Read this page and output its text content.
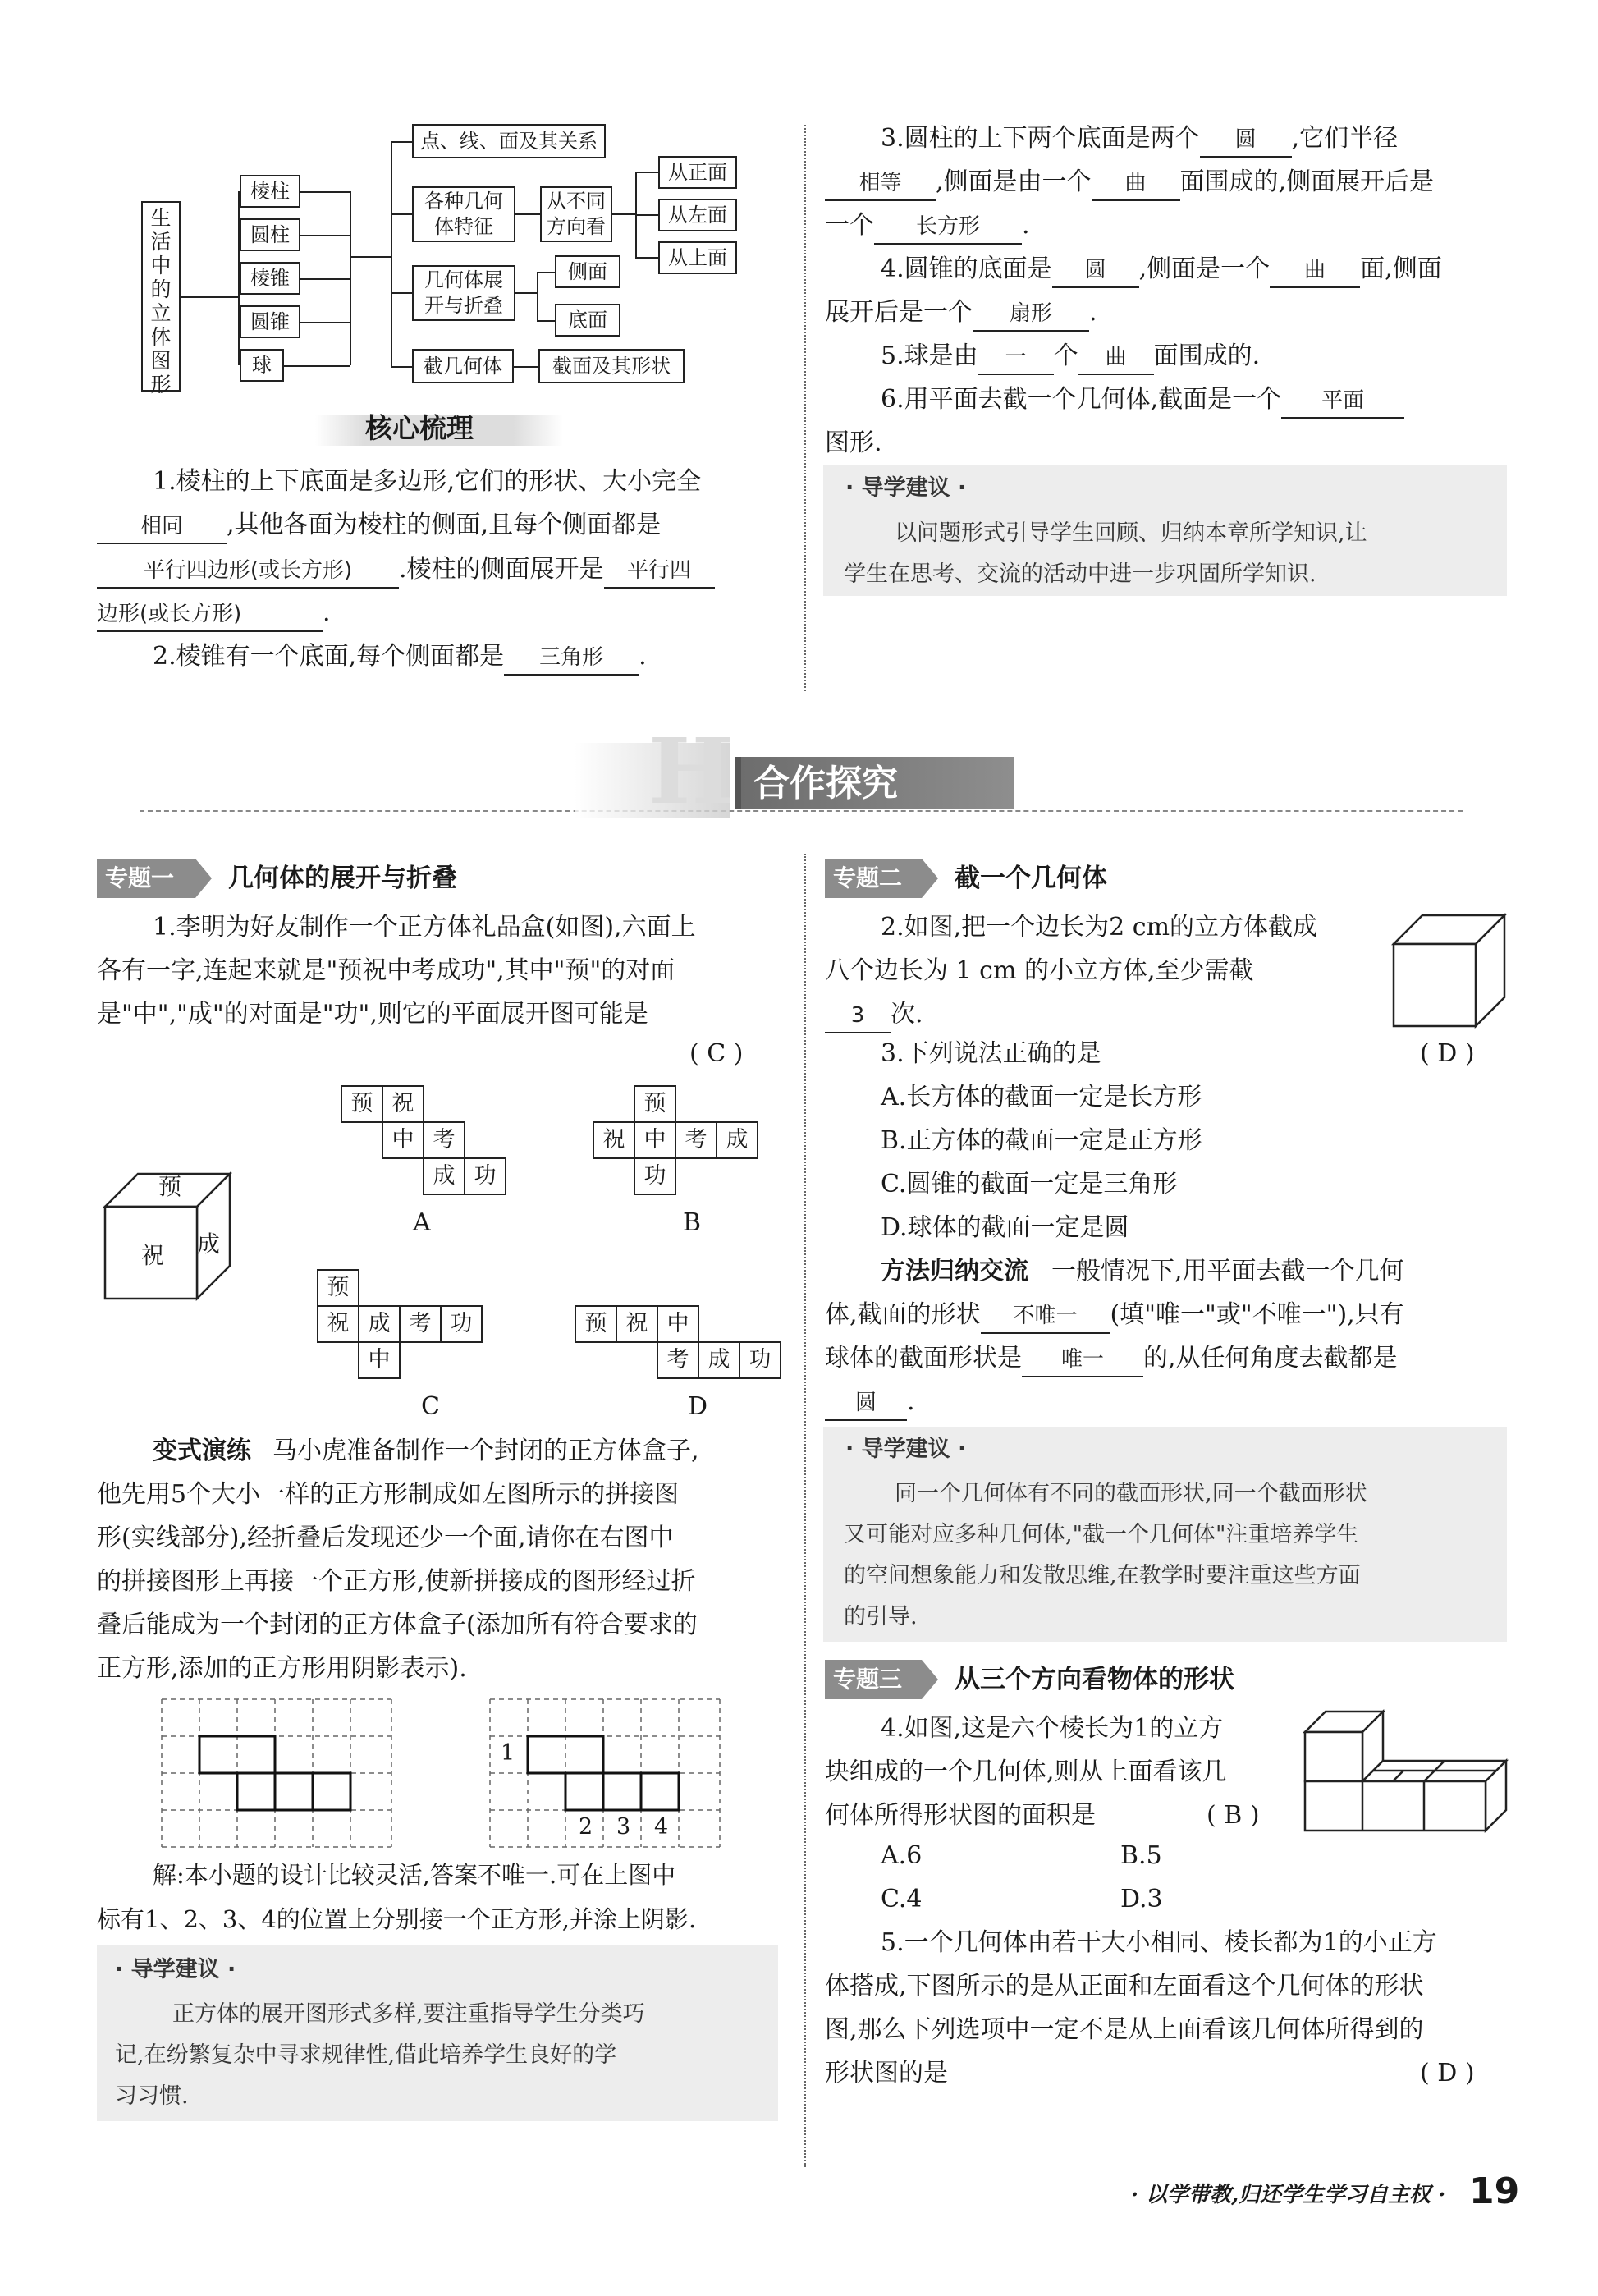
生活中的立体图形
棱柱
圆柱
棱锥
圆锥
球
点、线、面及其关系
各种几何
体特征
几何体展
开与折叠
截几何体
从不同
方向看
从正面
从左面
从上面
侧面
底面
截面及其形状
核心梳理
1.棱柱的上下底面是多边形,它们的形状、大小完全
相同 ,其他各面为棱柱的侧面,且每个侧面都是
平行四边形(或长方形) .棱柱的侧面展开是 平行四
边形(或长方形)	.
2.棱锥有一个底面,每个侧面都是 三角形 .
3.圆柱的上下两个底面是两个 圆 ,它们半径
相等 ,侧面是由一个 曲 面围成的,侧面展开后是
一个 长方形 .
4.圆锥的底面是 圆 ,侧面是一个 曲 面,侧面
展开后是一个 扇形 .
5.球是由 一 个 曲 面围成的.
6.用平面去截一个几何体,截面是一个 平面
图形.
· 导学建议 ·
以问题形式引导学生回顾、归纳本章所学知识,让
学生在思考、交流的活动中进一步巩固所学知识.
H 合作探究
专题一	几何体的展开与折叠
1.李明为好友制作一个正方体礼品盒(如图),六面上
各有一字,连起来就是"预祝中考成功",其中"预"的对面
是"中","成"的对面是"功",则它的平面展开图可能是
( C )
预
成
祝
预 祝
中 考
成 功
A
预
祝 中 考 成
功
B
预
祝 成 考 功
中
C
预 祝 中
考 成 功
D
变式演练 马小虎准备制作一个封闭的正方体盒子,
他先用5个大小一样的正方形制成如左图所示的拼接图
形(实线部分),经折叠后发现还少一个面,请你在右图中
的拼接图形上再接一个正方形,使新拼接成的图形经过折
叠后能成为一个封闭的正方体盒子(添加所有符合要求的
正方形,添加的正方形用阴影表示).
1
2 3 4
解:本小题的设计比较灵活,答案不唯一.可在上图中
标有1、2、3、4的位置上分别接一个正方形,并涂上阴影.
· 导学建议 ·
正方体的展开图形式多样,要注重指导学生分类巧
记,在纷繁复杂中寻求规律性,借此培养学生良好的学
习习惯.
专题二	截一个几何体
2.如图,把一个边长为2 cm的立方体截成
八个边长为 1 cm 的小立方体,至少需截
3 次.
3.下列说法正确的是	( D )
A.长方体的截面一定是长方形
B.正方体的截面一定是正方形
C.圆锥的截面一定是三角形
D.球体的截面一定是圆
方法归纳交流 一般情况下,用平面去截一个几何
体,截面的形状 不唯一 (填"唯一"或"不唯一"),只有
球体的截面形状是 唯一 的,从任何角度去截都是
圆 .
· 导学建议 ·
同一个几何体有不同的截面形状,同一个截面形状
又可能对应多种几何体,"截一个几何体"注重培养学生
的空间想象能力和发散思维,在教学时要注重这些方面
的引导.
专题三	从三个方向看物体的形状
4.如图,这是六个棱长为1的立方
块组成的一个几何体,则从上面看该几
何体所得形状图的面积是	( B )
A.6	B.5
C.4	D.3
5.一个几何体由若干大小相同、棱长都为1的小正方
体搭成,下图所示的是从正面和左面看这个几何体的形状
图,那么下列选项中一定不是从上面看该几何体所得到的
形状图的是	( D )
· 以学带教,归还学生学习自主权 · 19
